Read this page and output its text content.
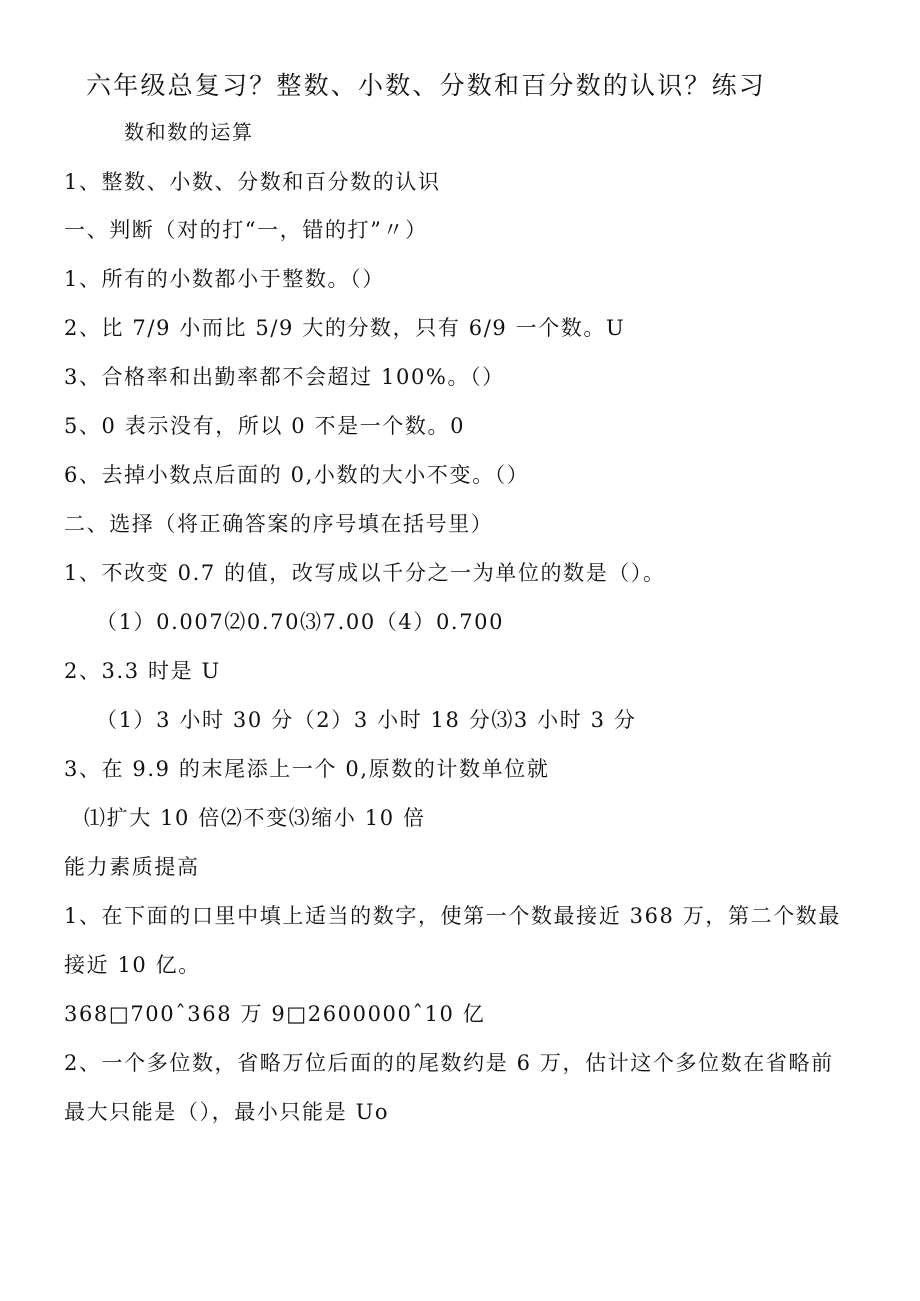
六年级总复习？整数、小数、分数和百分数的认识？练习
数和数的运算
1、整数、小数、分数和百分数的认识
一、判断（对的打“一，错的打”〃）
1、所有的小数都小于整数。（）
2、比 7/9 小而比 5/9 大的分数，只有 6/9 一个数。U
3、合格率和出勤率都不会超过 100%。（）
5、0 表示没有，所以 0 不是一个数。0
6、去掉小数点后面的 0,小数的大小不变。（）
二、选择（将正确答案的序号填在括号里）
1、不改变 0.7 的值，改写成以千分之一为单位的数是（）。
（1）0.007⑵0.70⑶7.00（4）0.700
2、3.3 时是 U
（1）3 小时 30 分（2）3 小时 18 分⑶3 小时 3 分
3、在 9.9 的末尾添上一个 0,原数的计数单位就
⑴扩大 10 倍⑵不变⑶缩小 10 倍
能力素质提高
1、在下面的口里中填上适当的数字，使第一个数最接近 368 万，第二个数最
接近 10 亿。
368□700ˆ368 万 9□2600000ˆ10 亿
2、一个多位数，省略万位后面的的尾数约是 6 万，估计这个多位数在省略前
最大只能是（），最小只能是 Uo
